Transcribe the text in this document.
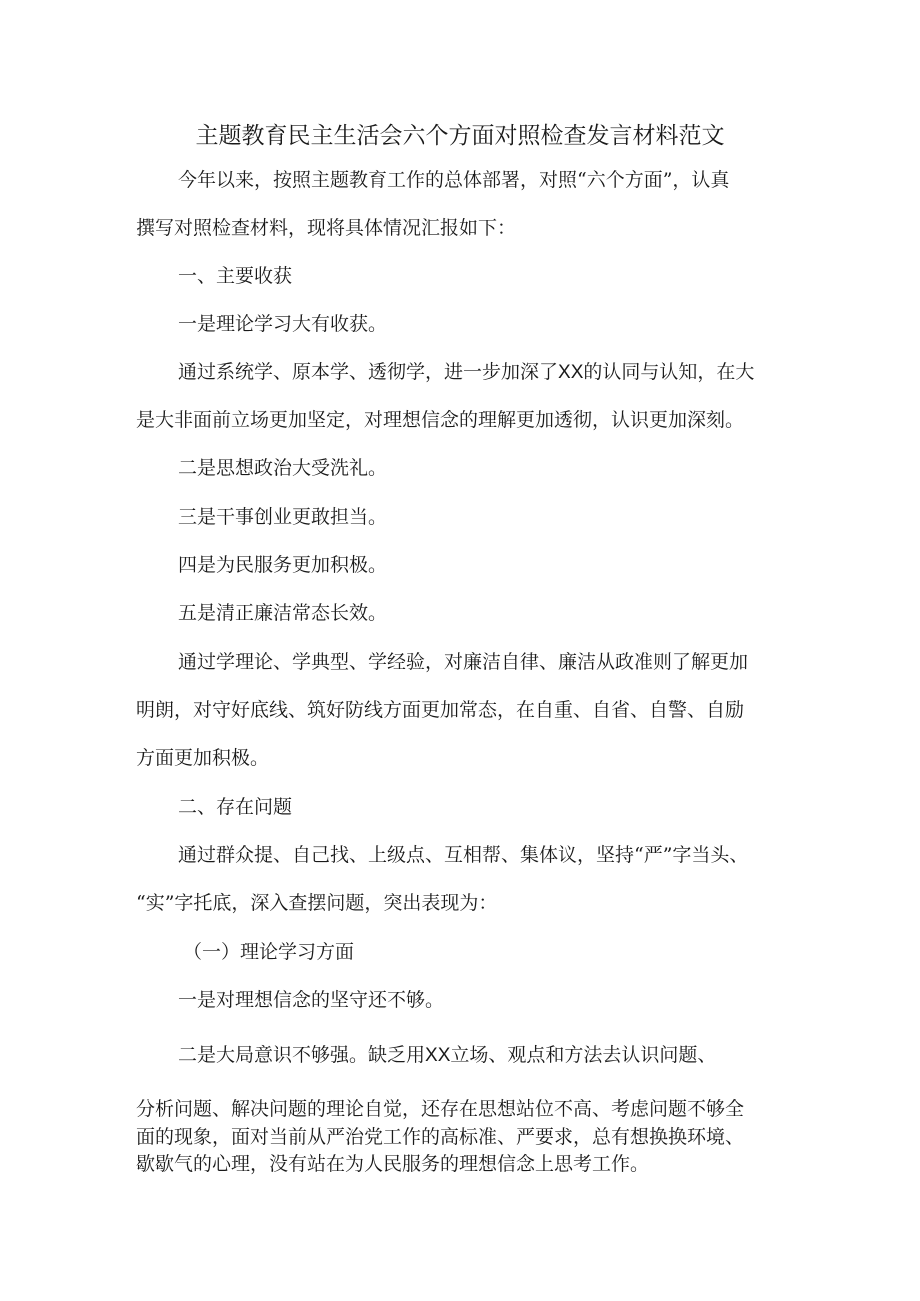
主题教育民主生活会六个方面对照检查发言材料范文
今年以来，按照主题教育工作的总体部署，对照“六个方面”，认真
撰写对照检查材料，现将具体情况汇报如下：
一、主要收获
一是理论学习大有收获。
通过系统学、原本学、透彻学，进一步加深了XX的认同与认知，在大
是大非面前立场更加坚定，对理想信念的理解更加透彻，认识更加深刻。
二是思想政治大受洗礼。
三是干事创业更敢担当。
四是为民服务更加积极。
五是清正廉洁常态长效。
通过学理论、学典型、学经验，对廉洁自律、廉洁从政准则了解更加
明朗，对守好底线、筑好防线方面更加常态，在自重、自省、自警、自励
方面更加积极。
二、存在问题
通过群众提、自己找、上级点、互相帮、集体议，坚持“严”字当头、
“实”字托底，深入查摆问题，突出表现为：
（一）理论学习方面
一是对理想信念的坚守还不够。
二是大局意识不够强。缺乏用XX立场、观点和方法去认识问题、
分析问题、解决问题的理论自觉，还存在思想站位不高、考虑问题不够全
面的现象，面对当前从严治党工作的高标准、严要求，总有想换换环境、
歇歇气的心理，没有站在为人民服务的理想信念上思考工作。
